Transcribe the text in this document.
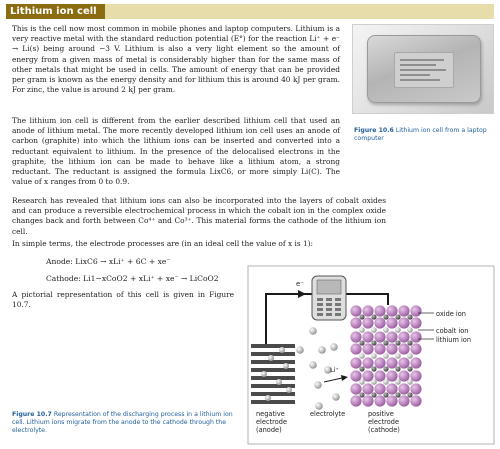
Lithium ion cell

This is the cell now most common in mobile phones and laptop computers. Lithium is a very reactive metal with the standard reduction potential (E°) for the reaction Li⁺ + e⁻ → Li(s) being around −3 V. Lithium is also a very light element so the amount of energy from a given mass of metal is considerably higher than for the same mass of other metals that might be used in cells. The amount of energy that can be provided per gram is known as the energy density and for lithium this is around 40 kJ per gram. For zinc, the value is around 2 kJ per gram.

The lithium ion cell is different from the earlier described lithium cell that used an anode of lithium metal. The more recently developed lithium ion cell uses an anode of carbon (graphite) into which the lithium ions can be inserted and converted into a reductant equivalent to lithium. In the presence of the delocalised electrons in the graphite, the lithium ion can be made to behave like a lithium atom, a strong reductant. The reductant is assigned the formula LixC6, or more simply Li(C). The value of x ranges from 0 to 0.9.

Research has revealed that lithium ions can also be incorporated into the layers of cobalt oxides and can produce a reversible electrochemical process in which the cobalt ion in the complex oxide changes back and forth between Co⁴⁺ and Co³⁺. This material forms the cathode of the lithium ion cell.

In simple terms, the electrode processes are (in an ideal cell the value of x is 1):

Anode: LixC6 → xLi⁺ + 6C + xe⁻
Cathode: Li1−xCoO2 + xLi⁺ + xe⁻ → LiCoO2

A pictorial representation of this cell is given in Figure 10.7.

Figure 10.6 Lithium ion cell from a laptop computer
Figure 10.7 Representation of the discharging process in a lithium ion cell. Lithium ions migrate from the anode to the cathode through the electrolyte.
e⁻
Li⁺
oxide ion
cobalt ion
lithium ion
negative electrode (anode)
electrolyte	positive electrode (cathode)
